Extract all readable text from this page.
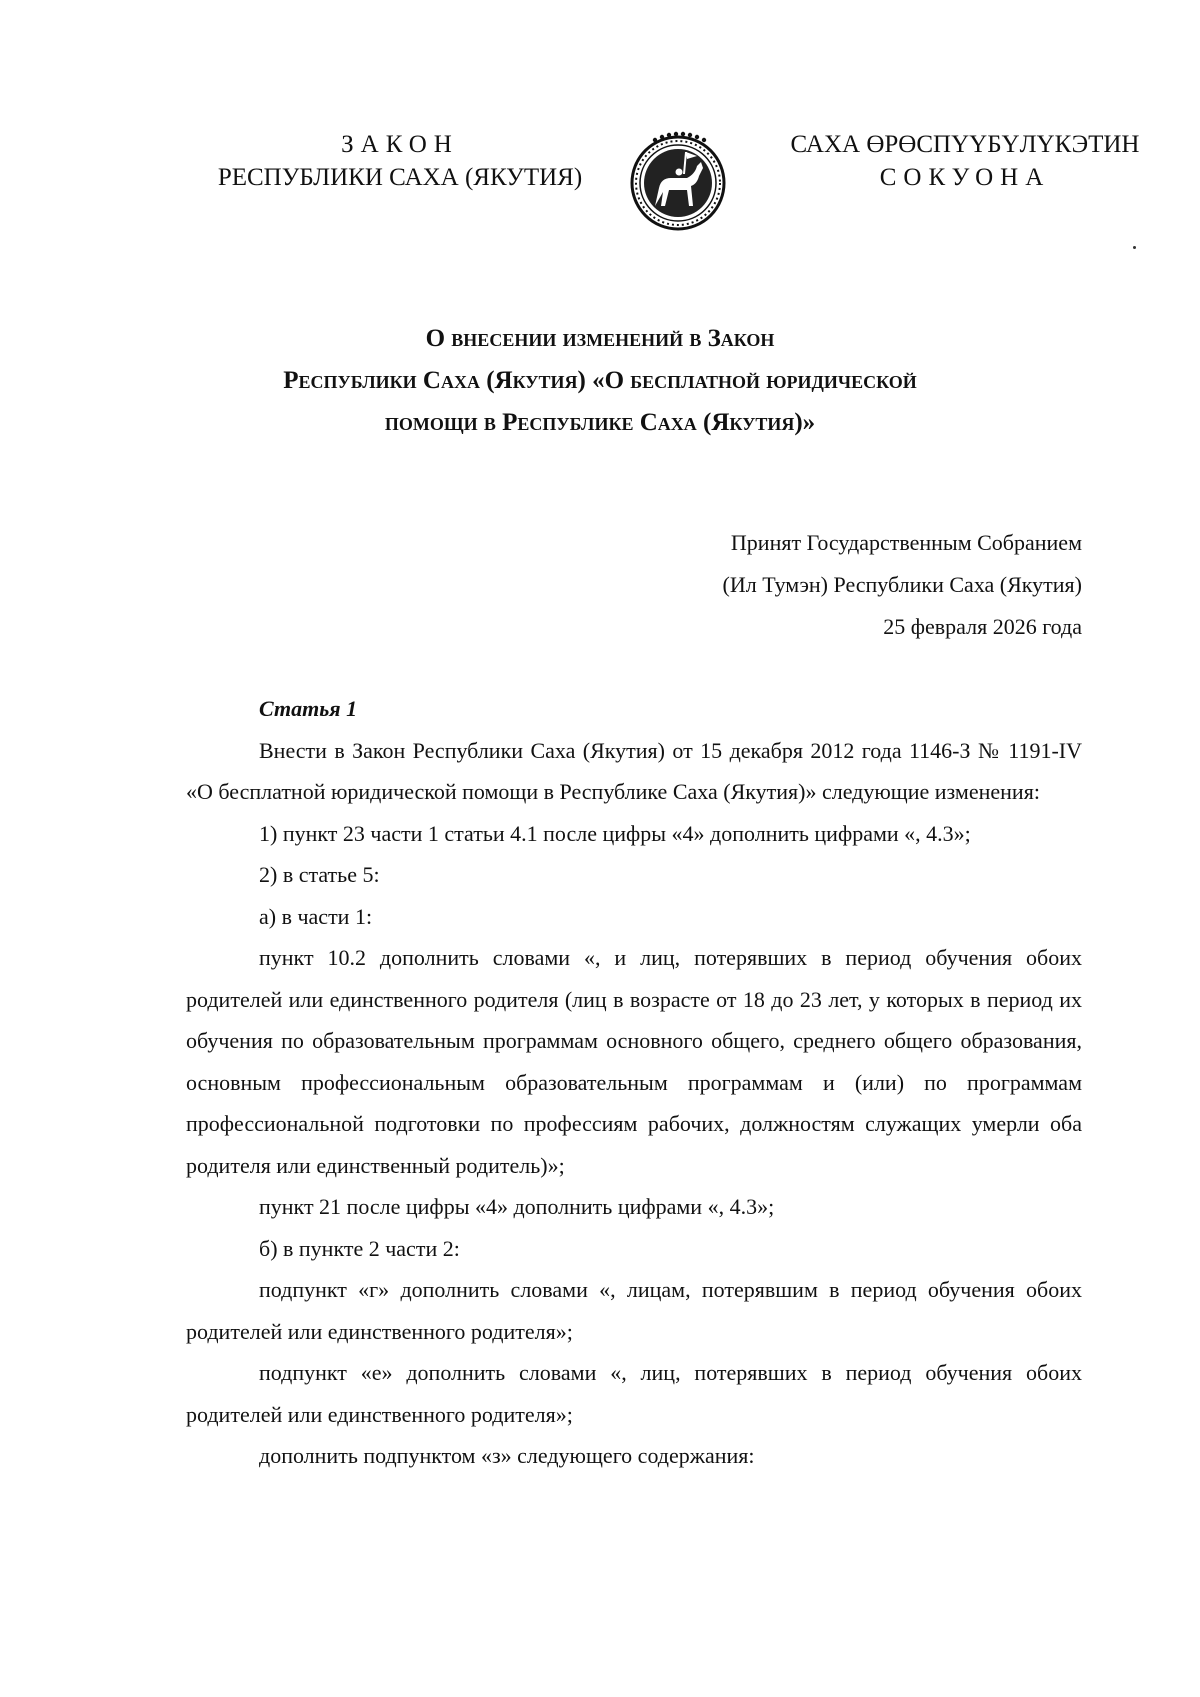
ЗАКОН
РЕСПУБЛИКИ САХА (ЯКУТИЯ)
САХА ӨРӨСПҮҮБҮЛҮКЭТИН
СОКУОНА
О внесении изменений в Закон
Республики Саха (Якутия) «О бесплатной юридической
помощи в Республике Саха (Якутия)»
Принят Государственным Собранием
(Ил Тумэн) Республики Саха (Якутия)
25 февраля 2026 года

Статья 1

Внести в Закон Республики Саха (Якутия) от 15 декабря 2012 года 1146-З № 1191-IV «О бесплатной юридической помощи в Республике Саха (Якутия)» следующие изменения:

1) пункт 23 части 1 статьи 4.1 после цифры «4» дополнить цифрами «, 4.3»;

2) в статье 5:

а) в части 1:

пункт 10.2 дополнить словами «, и лиц, потерявших в период обучения обоих родителей или единственного родителя (лиц в возрасте от 18 до 23 лет, у которых в период их обучения по образовательным программам основного общего, среднего общего образования, основным профессиональным образовательным программам и (или) по программам профессиональной подготовки по профессиям рабочих, должностям служащих умерли оба родителя или единственный родитель)»;

пункт 21 после цифры «4» дополнить цифрами «, 4.3»;

б) в пункте 2 части 2:

подпункт «г» дополнить словами «, лицам, потерявшим в период обучения обоих родителей или единственного родителя»;

подпункт «е» дополнить словами «, лиц, потерявших в период обучения обоих родителей или единственного родителя»;

дополнить подпунктом «з» следующего содержания:
